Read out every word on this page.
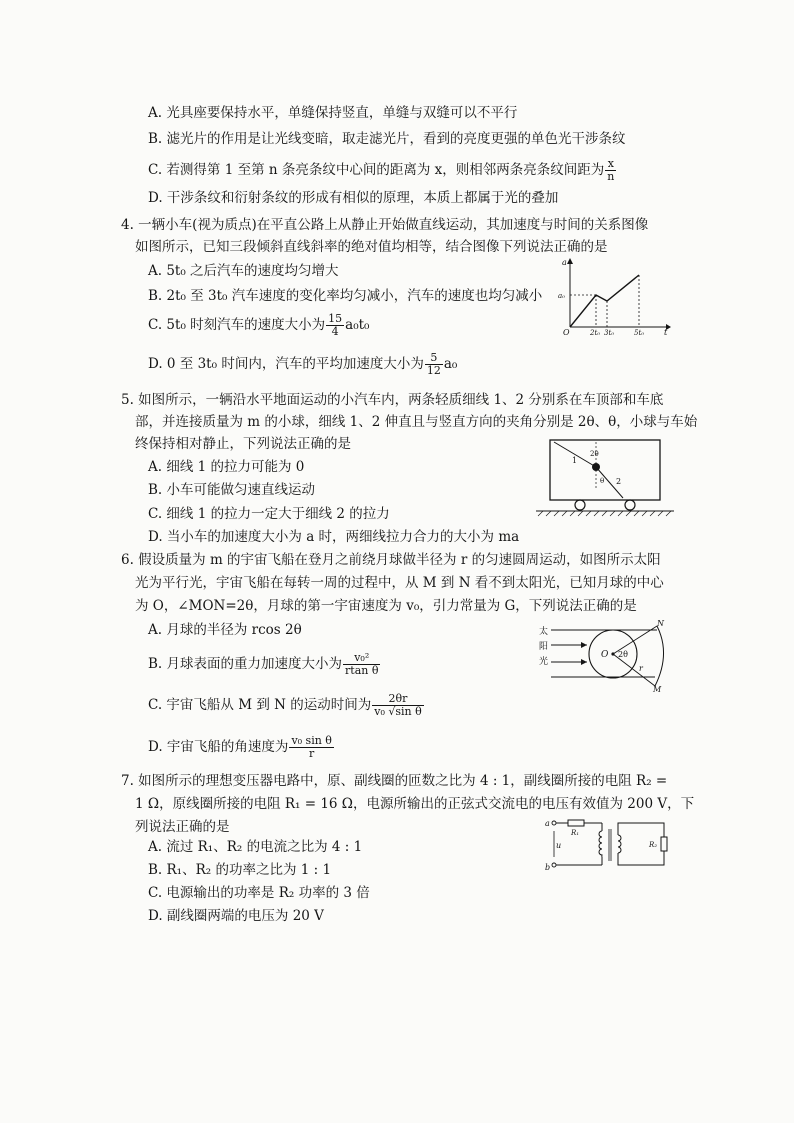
A. 光具座要保持水平，单缝保持竖直，单缝与双缝可以不平行
B. 滤光片的作用是让光线变暗，取走滤光片，看到的亮度更强的单色光干涉条纹
C. 若测得第 1 至第 n 条亮条纹中心间的距离为 x，则相邻两条亮条纹间距为 $\frac{x}{n}$
D. 干涉条纹和衍射条纹的形成有相似的原理，本质上都属于光的叠加
4. 一辆小车(视为质点)在平直公路上从静止开始做直线运动，其加速度与时间的关系图像
如图所示，已知三段倾斜直线斜率的绝对值均相等，结合图像下列说法正确的是
A. 5t₀ 之后汽车的速度均匀增大
B. 2t₀ 至 3t₀ 汽车速度的变化率均匀减小，汽车的速度也均匀减小
C. 5t₀ 时刻汽车的速度大小为 $\frac{15}{4} a_0t_0$
D. 0 至 3t₀ 时间内，汽车的平均加速度大小为 $\frac{5}{12} a_0$
a
a₀
O	2t₀ 3t₀	5t₀ t
5. 如图所示，一辆沿水平地面运动的小汽车内，两条轻质细线 1、2 分别系在车顶部和车底
部，并连接质量为 m 的小球，细线 1、2 伸直且与竖直方向的夹角分别是 2θ、θ，小球与车始
终保持相对静止，下列说法正确的是
A. 细线 1 的拉力可能为 0
B. 小车可能做匀速直线运动
C. 细线 1 的拉力一定大于细线 2 的拉力
D. 当小车的加速度大小为 a 时，两细线拉力合力的大小为 ma
1
2
2θ
θ
6. 假设质量为 m 的宇宙飞船在登月之前绕月球做半径为 r 的匀速圆周运动，如图所示太阳
光为平行光，宇宙飞船在每转一周的过程中，从 M 到 N 看不到太阳光，已知月球的中心
为 O，∠MON=2θ，月球的第一宇宙速度为 v₀，引力常量为 G，下列说法正确的是
A. 月球的半径为 rcos 2θ
B. 月球表面的重力加速度大小为 $\frac{\text{v₀²}}{\text{rtan θ}}$
C. 宇宙飞船从 M 到 N 的运动时间为 $\frac{2\theta r}{\text{v₀ √sin θ}}$
D. 宇宙飞船的角速度为 $\frac{\text{v₀ sin θ}}{r}$
太
阳
光
O 2θ
r
N
M
7. 如图所示的理想变压器电路中，原、副线圈的匝数之比为 4 : 1，副线圈所接的电阻 R₂ =
1 Ω，原线圈所接的电阻 R₁ = 16 Ω，电源所输出的正弦式交流电的电压有效值为 200 V，下
列说法正确的是
A. 流过 R₁、R₂ 的电流之比为 4 : 1
B. R₁、R₂ 的功率之比为 1 : 1
C. 电源输出的功率是 R₂ 功率的 3 倍
D. 副线圈两端的电压为 20 V
a
b
u
R₁
R₂
